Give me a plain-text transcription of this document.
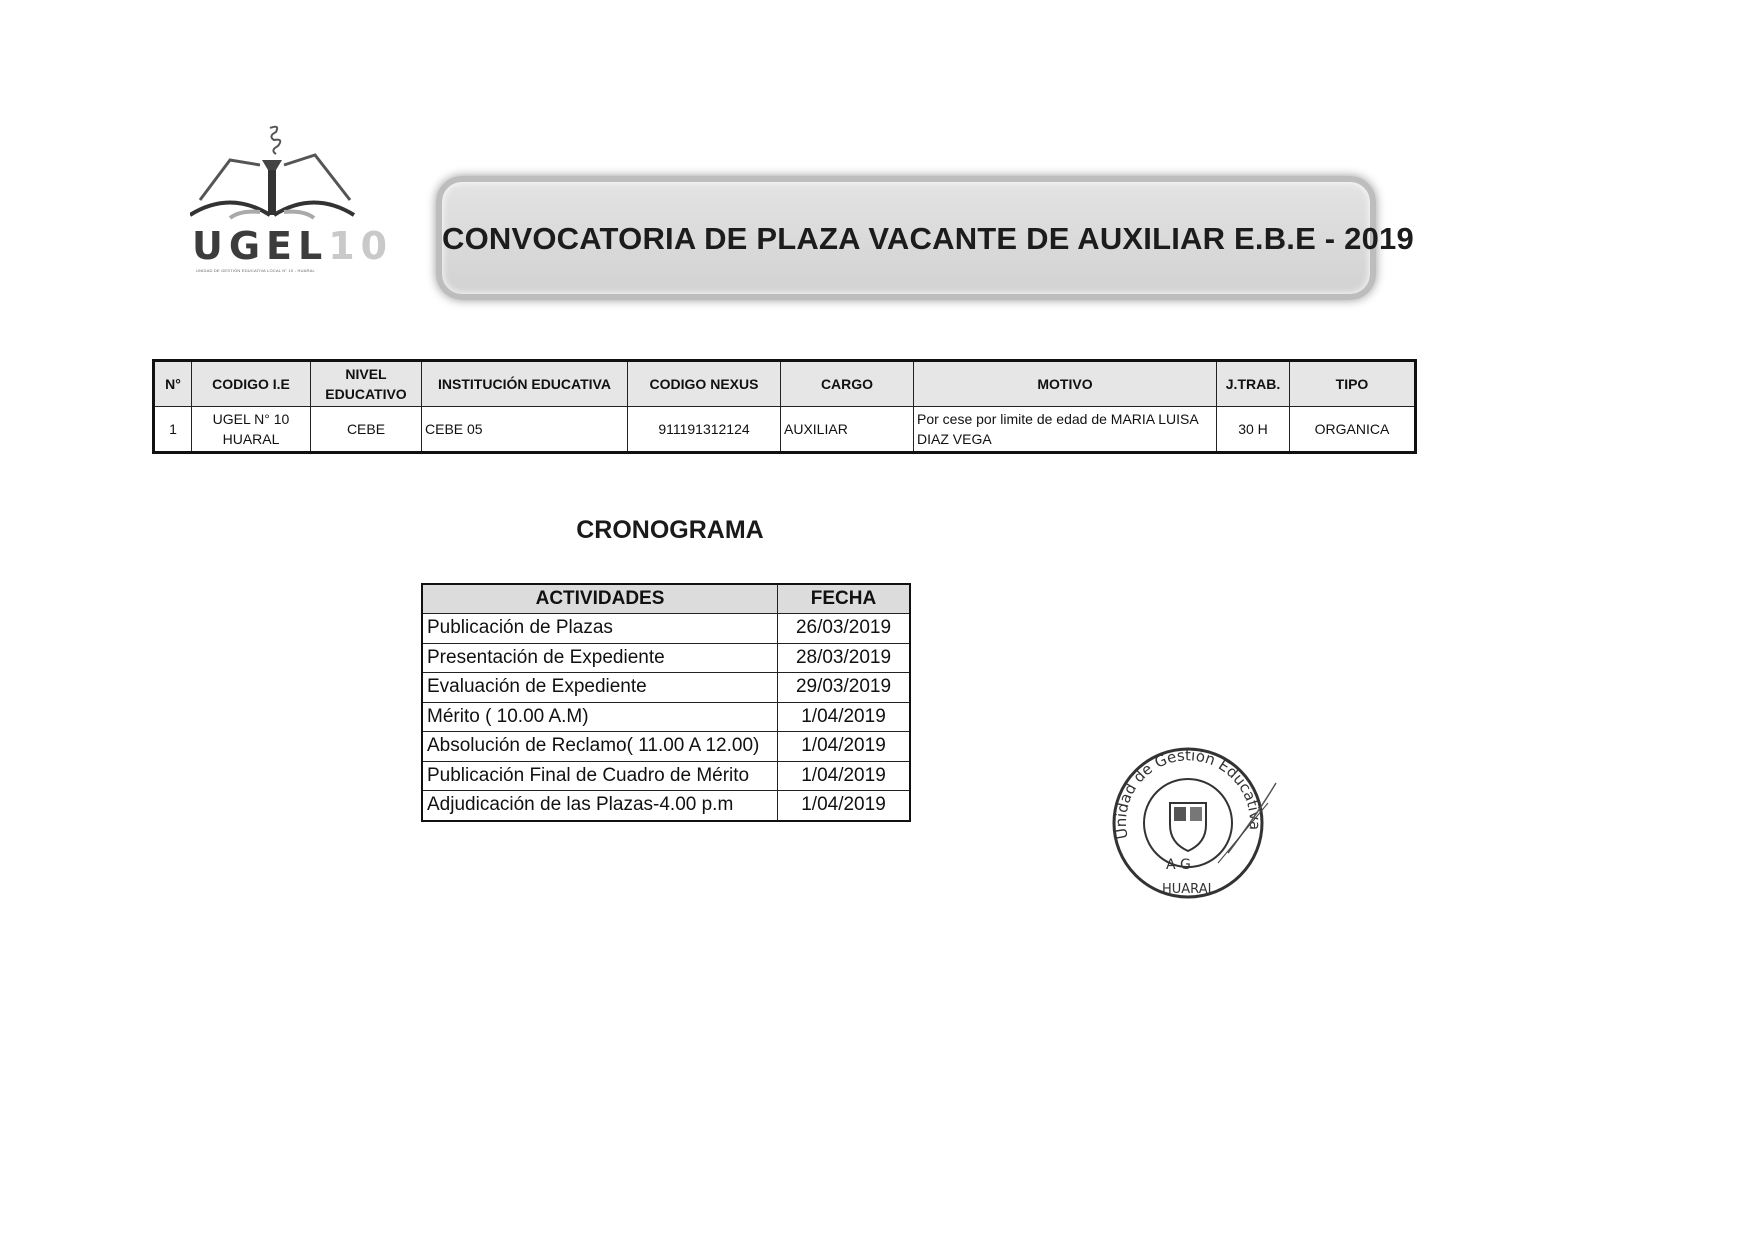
UGEL10
UNIDAD DE GESTIÓN EDUCATIVA LOCAL N° 10 - HUARAL
CONVOCATORIA DE PLAZA VACANTE DE AUXILIAR E.B.E - 2019
N°	CODIGO I.E	NIVEL EDUCATIVO	INSTITUCIÓN EDUCATIVA	CODIGO NEXUS	CARGO	MOTIVO	J.TRAB.	TIPO
1	UGEL N° 10 HUARAL	CEBE	CEBE 05	911191312124	AUXILIAR	Por cese por limite de edad de MARIA LUISA DIAZ VEGA	30 H	ORGANICA
CRONOGRAMA
ACTIVIDADES	FECHA
Publicación de Plazas	26/03/2019
Presentación de Expediente	28/03/2019
Evaluación de Expediente	29/03/2019
Mérito ( 10.00 A.M)	1/04/2019
Absolución de Reclamo( 11.00 A 12.00)	1/04/2019
Publicación Final de Cuadro de Mérito	1/04/2019
Adjudicación de las Plazas-4.00 p.m	1/04/2019
Unidad de Gestión Educativa
A G
HUARAL
